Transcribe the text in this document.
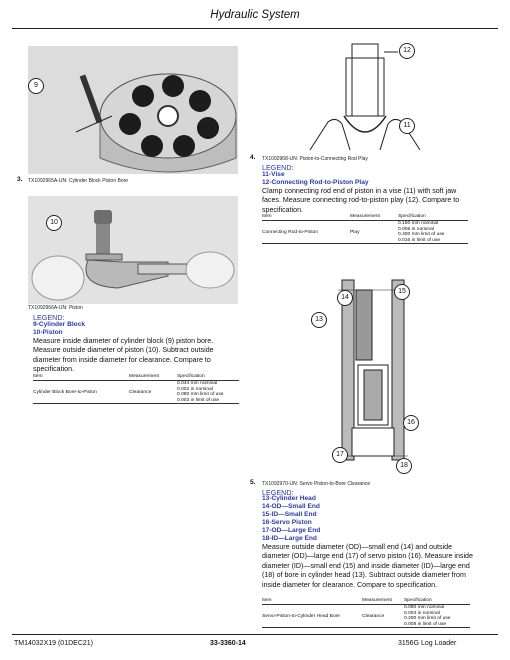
Hydraulic System
9
3. TX1092965A-UN: Cylinder Block Piston Bore
10
TX1092966A-UN: Piston
LEGEND:
9-Cylinder Block
10-Piston
Measure inside diameter of cylinder block (9) piston bore. Measure outside diameter of piston (10). Subtract outside diameter from inside diameter for clearance. Compare to specification.
Item	Measurement	Specification
Cylinder Block Bore-to-Piston	Clearance	0.044 mm nominal
0.002 in nominal
0.080 mm limit of use
0.003 in limit of use
12
11
4. TX1092968-UN: Piston-to-Connecting Rod Play
LEGEND:
11-Vise
12-Connecting Rod-to-Piston Play
Clamp connecting rod end of piston in a vise (11) with soft jaw faces. Measure connecting rod-to-piston play (12). Compare to specification.
Item	Measurement	Specification
Connecting Rod-to-Piston	Play	0.150 mm nominal
0.006 in nominal
0.400 mm limit of use
0.016 in limit of use
14
15
13
16
17
18
5. TX1092970-UN: Servo Piston-to-Bore Clearance
LEGEND:
13-Cylinder Head
14-OD—Small End
15-ID—Small End
16-Servo Piston
17-OD—Large End
18-ID—Large End
Measure outside diameter (OD)—small end (14) and outside diameter (OD)—large end (17) of servo piston (16). Measure inside diameter (ID)—small end (15) and inside diameter (ID)—large end (18) of bore in cylinder head (13). Subtract outside diameter from inside diameter for clearance. Compare to specification.
Item	Measurement	Specification
Servo-Piston-to-Cylinder Head Bore	Clearance	0.080 mm nominal
0.004 in nominal
0.200 mm limit of use
0.008 in limit of use
TM14032X19 (01DEC21)	33-3360-14	3156G Log Loader
